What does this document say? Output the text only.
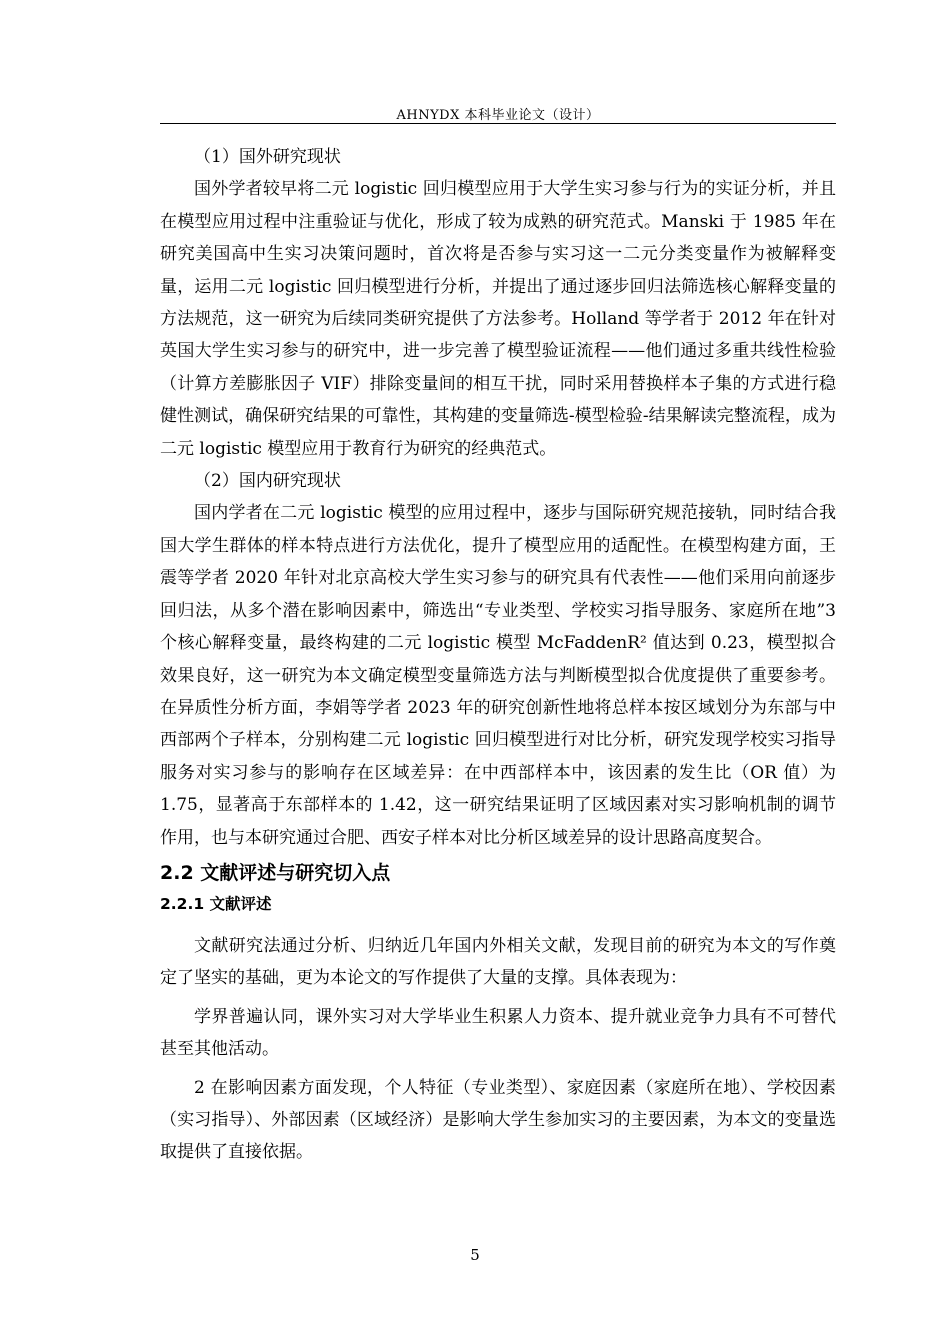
AHNYDX 本科毕业论文（设计）

（1）国外研究现状

国外学者较早将二元 logistic 回归模型应用于大学生实习参与行为的实证分析，并且在模型应用过程中注重验证与优化，形成了较为成熟的研究范式。Manski 于 1985 年在研究美国高中生实习决策问题时，首次将是否参与实习这一二元分类变量作为被解释变量，运用二元 logistic 回归模型进行分析，并提出了通过逐步回归法筛选核心解释变量的方法规范，这一研究为后续同类研究提供了方法参考。Holland 等学者于 2012 年在针对英国大学生实习参与的研究中，进一步完善了模型验证流程——他们通过多重共线性检验（计算方差膨胀因子 VIF）排除变量间的相互干扰，同时采用替换样本子集的方式进行稳健性测试，确保研究结果的可靠性，其构建的变量筛选-模型检验-结果解读完整流程，成为二元 logistic 模型应用于教育行为研究的经典范式。

（2）国内研究现状

国内学者在二元 logistic 模型的应用过程中，逐步与国际研究规范接轨，同时结合我国大学生群体的样本特点进行方法优化，提升了模型应用的适配性。在模型构建方面，王震等学者 2020 年针对北京高校大学生实习参与的研究具有代表性——他们采用向前逐步回归法，从多个潜在影响因素中，筛选出“专业类型、学校实习指导服务、家庭所在地”3 个核心解释变量，最终构建的二元 logistic 模型 McFaddenR² 值达到 0.23，模型拟合效果良好，这一研究为本文确定模型变量筛选方法与判断模型拟合优度提供了重要参考。在异质性分析方面，李娟等学者 2023 年的研究创新性地将总样本按区域划分为东部与中西部两个子样本，分别构建二元 logistic 回归模型进行对比分析，研究发现学校实习指导服务对实习参与的影响存在区域差异：在中西部样本中，该因素的发生比（OR 值）为 1.75，显著高于东部样本的 1.42，这一研究结果证明了区域因素对实习影响机制的调节作用，也与本研究通过合肥、西安子样本对比分析区域差异的设计思路高度契合。

2.2 文献评述与研究切入点
2.2.1 文献评述

文献研究法通过分析、归纳近几年国内外相关文献，发现目前的研究为本文的写作奠定了坚实的基础，更为本论文的写作提供了大量的支撑。具体表现为：

学界普遍认同，课外实习对大学毕业生积累人力资本、提升就业竞争力具有不可替代甚至其他活动。

2 在影响因素方面发现，个人特征（专业类型）、家庭因素（家庭所在地）、学校因素（实习指导）、外部因素（区域经济）是影响大学生参加实习的主要因素，为本文的变量选取提供了直接依据。

5
